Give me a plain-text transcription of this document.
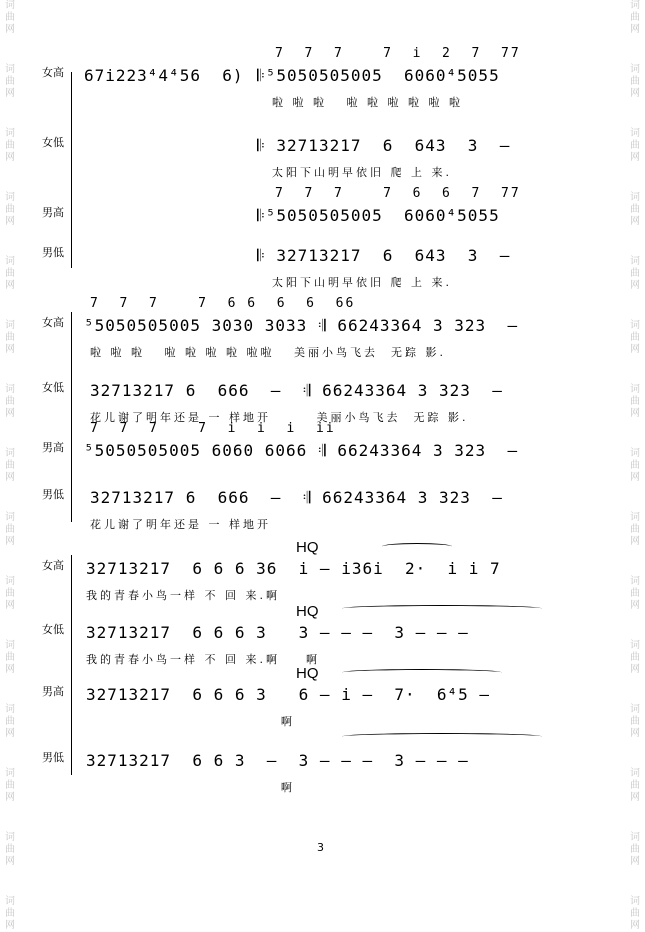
词
曲
网
词
曲
网
词
曲
网
词
曲
网
词
曲
网
词
曲
网
词
曲
网
词
曲
网
词
曲
网
词
曲
网
词
曲
网
词
曲
网
词
曲
网
词
曲
网
词
曲
网
词
曲
网
词
曲
网
词
曲
网
词
曲
网
词
曲
网
词
曲
网
词
曲
网
词
曲
网
词
曲
网
词
曲
网
词
曲
网
词
曲
网
词
曲
网
词
曲
网
词
曲
网
女高	67i223⁴4⁴56  6)
7  7  7    7  i  2  7  77
𝄆⁵5050505005  6060⁴5055
啦 啦 啦   啦 啦 啦 啦 啦 啦
女低	𝄆 32713217  6  643  3  —
太阳下山明早依旧 爬 上 来.
男高
7  7  7    7  6  6  7  77
𝄆⁵5050505005  6060⁴5055
男低	𝄆 32713217  6  643  3  —
太阳下山明早依旧 爬 上 来.
女高
7  7  7    7  6 6  6  6  66
⁵5050505005 3030 3033 𝄇 66243364 3 323  —
啦 啦 啦   啦 啦 啦 啦 啦啦   美丽小鸟飞去  无踪 影.
女低	32713217 6  666  —  𝄇 66243364 3 323  —
花儿谢了明年还是 一 样地开       美丽小鸟飞去  无踪 影.
男高
7  7  7    7  i  i  i  ii
⁵5050505005 6060 6066 𝄇 66243364 3 323  —
男低	32713217 6  666  —  𝄇 66243364 3 323  —
花儿谢了明年还是 一 样地开
HQ
女高	32713217  6 6 6 36  i — i36i  2·  i i 7
我的青春小鸟一样 不 回 来.啊
HQ
女低	32713217  6 6 6 3   3 — — —  3 — — —
我的青春小鸟一样 不 回 来.啊    啊
HQ
男高	32713217  6 6 6 3   6 — i —  7·  6⁴5 —
啊
男低	32713217  6 6 3  —  3 — — —  3 — — —
啊
3
